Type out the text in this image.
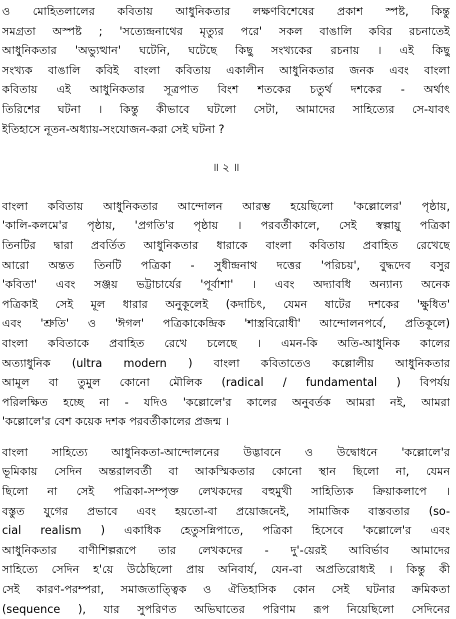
ও মোহিতলালের কবিতায় আধুনিকতার লক্ষণবিশেষের প্রকাশ স্পষ্ট, কিন্তু
সমগ্রতা অস্পষ্ট ; 'সত্যেন্দ্রনাথের মৃত্যুর পরে' সকল বাঙালি কবির রচনাতেই
আধুনিকতার 'অভ্যুত্থান' ঘটেনি, ঘটেছে কিছু সংখ্যকের রচনায় । এই কিছু
সংখ্যক বাঙালি কবিই বাংলা কবিতায় একালীন আধুনিকতার জনক এবং বাংলা
কবিতায় এই আধুনিকতার সূত্রপাত বিংশ শতকের চতুর্থ দশকের - অর্থাৎ
তিরিশের ঘটনা । কিন্তু কীভাবে ঘটলো সেটা, আমাদের সাহিত্যের সে-যাবৎ
ইতিহাসে নূতন-অধ্যায়-সংযোজন-করা সেই ঘটনা ?
॥ ২ ॥
বাংলা কবিতায় আধুনিকতার আন্দোলন আরম্ভ হয়েছিলো 'কল্লোলের' পৃষ্ঠায়,
'কালি-কলমে'র পৃষ্ঠায়, 'প্রগতি'র পৃষ্ঠায় । পরবর্তীকালে, সেই স্বল্পায়ু পত্রিকা
তিনটির দ্বারা প্রবর্তিত আধুনিকতার ধারাকে বাংলা কবিতায় প্রবাহিত রেখেছে
আরো অন্তত তিনটি পত্রিকা - সুধীন্দ্রনাথ দত্তের 'পরিচয়', বুদ্ধদেব বসুর
'কবিতা' এবং সঞ্জয় ভট্টাচার্যের 'পূর্বাশা' । এবং অদ্যাবধি অন্যান্য অনেক
পত্রিকাই সেই মূল ধারার অনুকূলেই (কদাচিৎ, যেমন ষাটের দশকের 'ক্ষুধিত'
এবং 'শ্রুতি' ও 'ঈগল' পত্রিকাকেন্দ্রিক 'শাস্ত্রবিরোধী' আন্দোলনপর্বে, প্রতিকূলে)
বাংলা কবিতাকে প্রবাহিত রেখে চলেছে । এমন-কি অতি-আধুনিক কালের
অত্যাধুনিক (ultra modern ) বাংলা কবিতাতেও কল্লোলীয় আধুনিকতার
আমূল বা তুমুল কোনো মৌলিক (radical / fundamental ) বিপর্যয়
পরিলক্ষিত হচ্ছে না - যদিও 'কল্লোলে'র কালের অনুবর্তক আমরা নই, আমরা
'কল্লোলে'র বেশ কয়েক দশক পরবর্তীকালের প্রজন্ম ।
বাংলা সাহিত্যে আধুনিকতা-আন্দোলনের উদ্ভাবনে ও উদ্বোধনে 'কল্লোলে'র
ভূমিকায় সেদিন অন্তরালবর্তী বা আকস্মিকতার কোনো স্থান ছিলো না, যেমন
ছিলো না সেই পত্রিকা-সম্পৃক্ত লেখকদের বহুমুখী সাহিত্যিক ক্রিয়াকলাপে ।
বস্তুত যুগের প্রভাবে এবং হয়তো-বা প্রয়োজনেই, সামাজিক বাস্তবতার (so-
cial realism ) একাধিক হেতুসন্নিপাতে, পত্রিকা হিসেবে 'কল্লোলে'র এবং
আধুনিকতার বাণীশিল্পরূপে তার লেখকদের - দু'-য়েরই আবির্ভাব আমাদের
সাহিত্যে সেদিন হ'য়ে উঠেছিলো প্রায় অনিবার্য, যেন-বা অপ্রতিরোধ্যই । কিন্তু কী
সেই কারণ-পরম্পরা, সমাজতাত্ত্বিক ও ঐতিহাসিক কোন সেই ঘটনার ক্রমিকতা
(sequence ), যার সুপরিণত অভিঘাতের পরিণাম রূপ নিয়েছিলো সেদিনের
